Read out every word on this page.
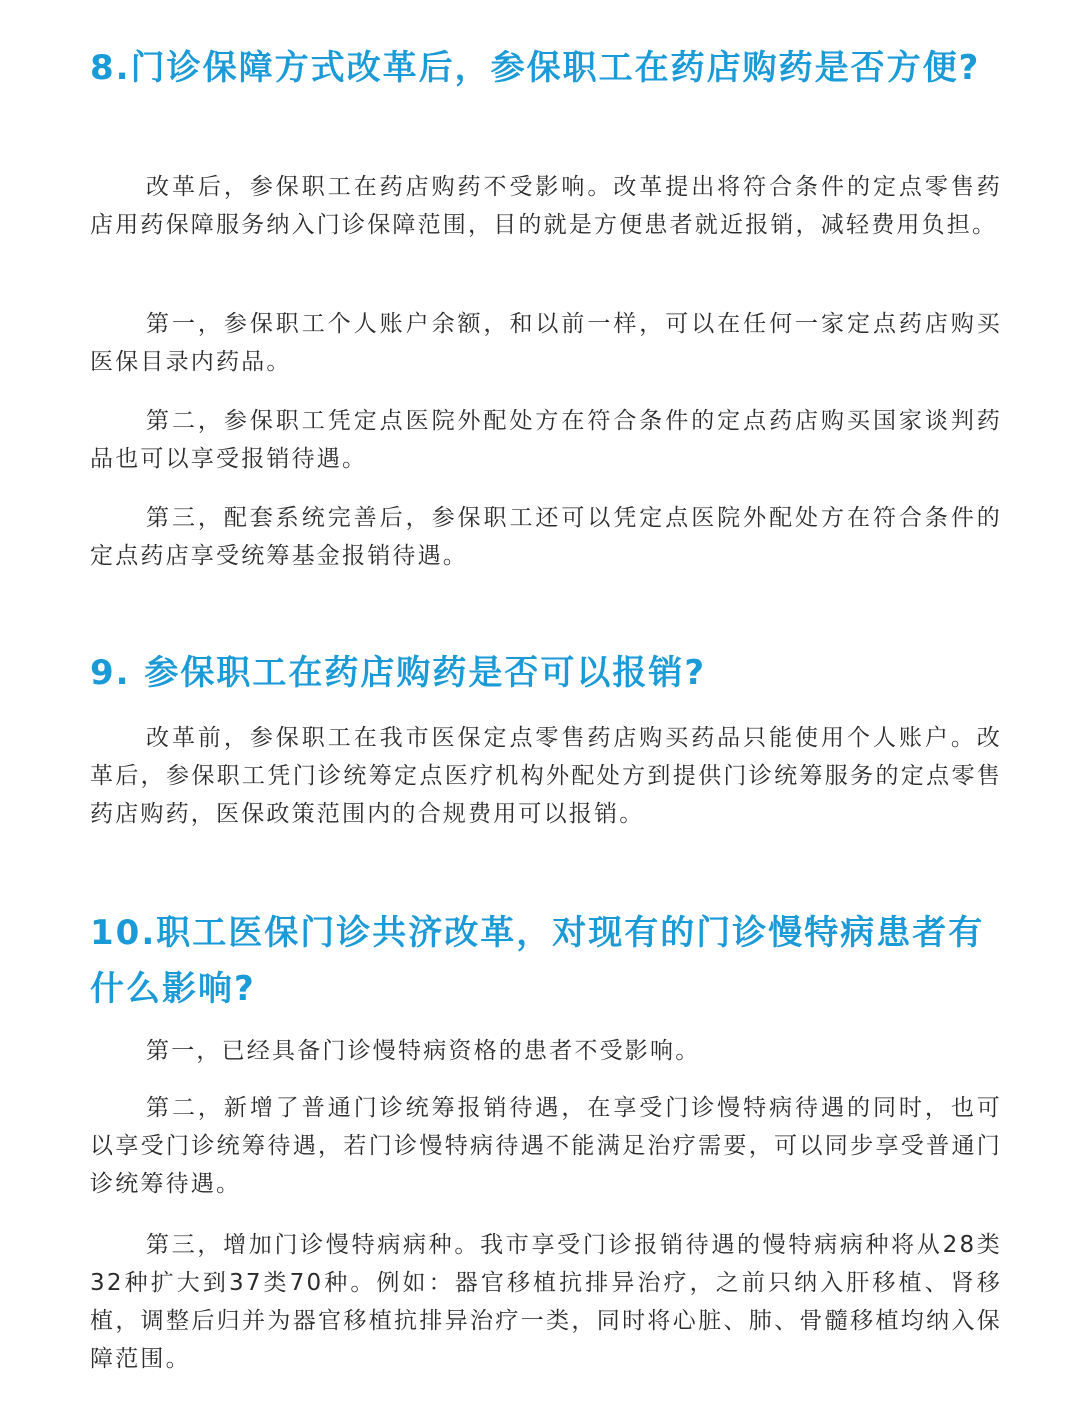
8.门诊保障方式改革后，参保职工在药店购药是否方便?

改革后，参保职工在药店购药不受影响。改革提出将符合条件的定点零售药店用药保障服务纳入门诊保障范围，目的就是方便患者就近报销，减轻费用负担。

第一，参保职工个人账户余额，和以前一样，可以在任何一家定点药店购买医保目录内药品。

第二，参保职工凭定点医院外配处方在符合条件的定点药店购买国家谈判药品也可以享受报销待遇。

第三，配套系统完善后，参保职工还可以凭定点医院外配处方在符合条件的定点药店享受统筹基金报销待遇。

9. 参保职工在药店购药是否可以报销?

改革前，参保职工在我市医保定点零售药店购买药品只能使用个人账户。改革后，参保职工凭门诊统筹定点医疗机构外配处方到提供门诊统筹服务的定点零售药店购药，医保政策范围内的合规费用可以报销。

10.职工医保门诊共济改革，对现有的门诊慢特病患者有什么影响?

第一，已经具备门诊慢特病资格的患者不受影响。

第二，新增了普通门诊统筹报销待遇，在享受门诊慢特病待遇的同时，也可以享受门诊统筹待遇，若门诊慢特病待遇不能满足治疗需要，可以同步享受普通门诊统筹待遇。

第三，增加门诊慢特病病种。我市享受门诊报销待遇的慢特病病种将从28类32种扩大到37类70种。例如：器官移植抗排异治疗，之前只纳入肝移植、肾移植，调整后归并为器官移植抗排异治疗一类，同时将心脏、肺、骨髓移植均纳入保障范围。
